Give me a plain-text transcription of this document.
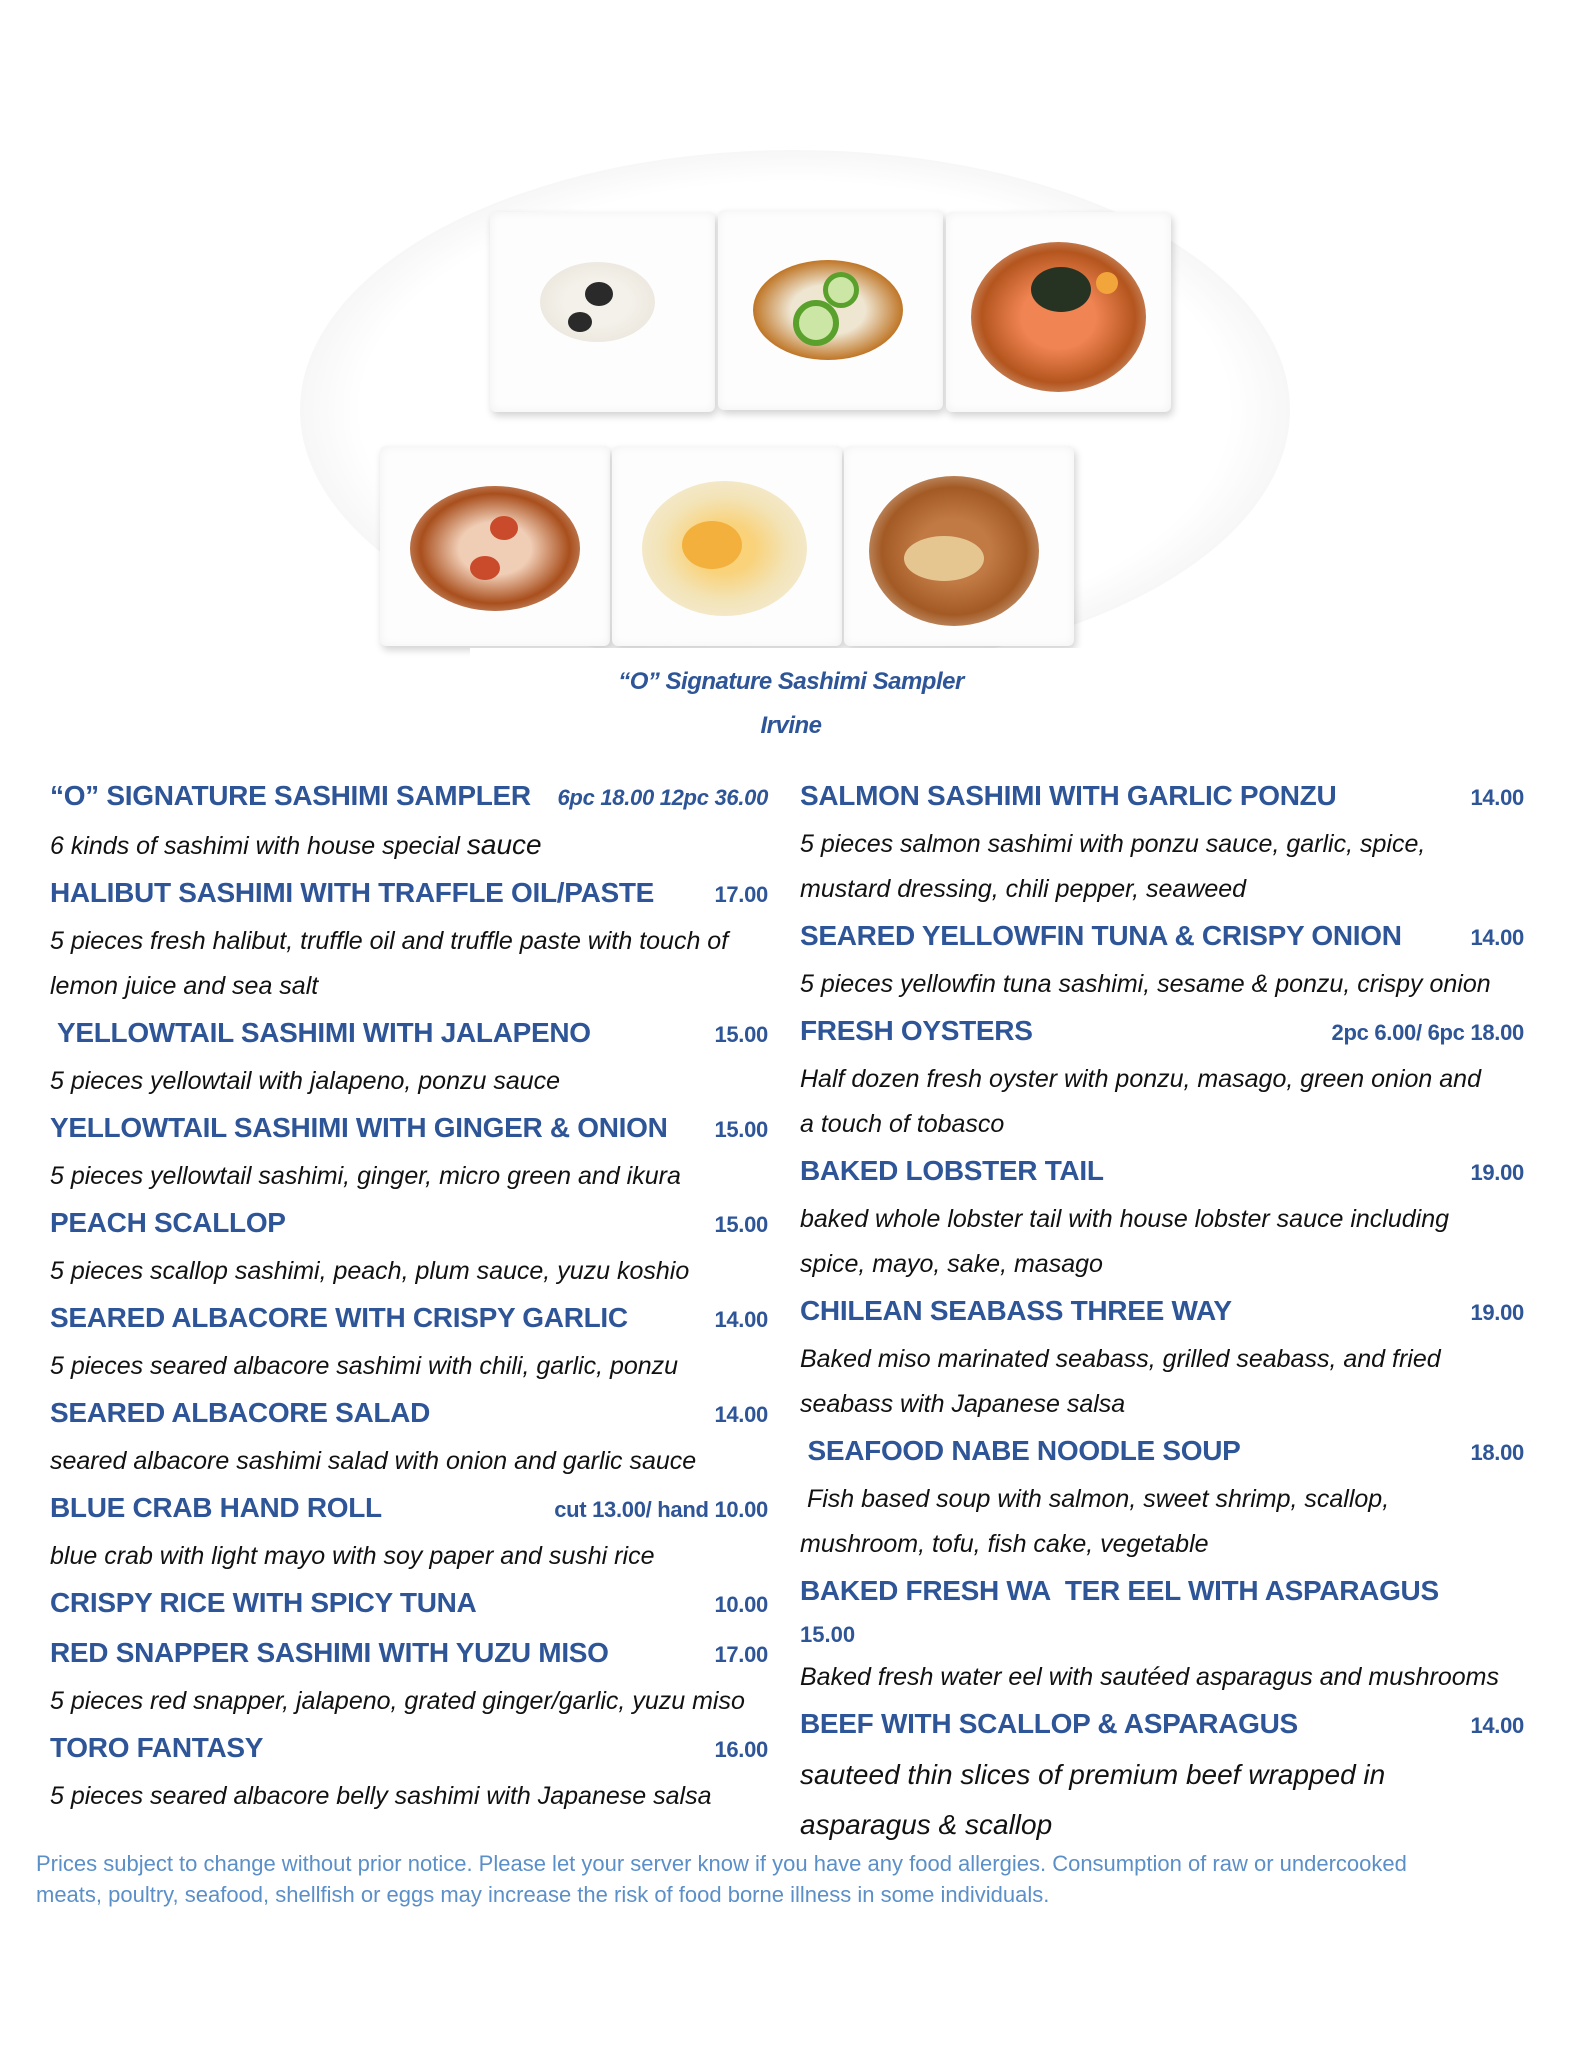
“O” Signature Sashimi Sampler
Irvine
“O” SIGNATURE SASHIMI SAMPLER 6pc 18.00 12pc 36.00
6 kinds of sashimi with house special sauce
HALIBUT SASHIMI WITH TRAFFLE OIL/PASTE	17.00
5 pieces fresh halibut, truffle oil and truffle paste with touch of
lemon juice and sea salt
YELLOWTAIL SASHIMI WITH JALAPENO	15.00
5 pieces yellowtail with jalapeno, ponzu sauce
YELLOWTAIL SASHIMI WITH GINGER & ONION 15.00
5 pieces yellowtail sashimi, ginger, micro green and ikura
PEACH SCALLOP	15.00
5 pieces scallop sashimi, peach, plum sauce, yuzu koshio
SEARED ALBACORE WITH CRISPY GARLIC	14.00
5 pieces seared albacore sashimi with chili, garlic, ponzu
SEARED ALBACORE SALAD	14.00
seared albacore sashimi salad with onion and garlic sauce
BLUE CRAB HAND ROLL	cut 13.00/ hand 10.00
blue crab with light mayo with soy paper and sushi rice
CRISPY RICE WITH SPICY TUNA	10.00
RED SNAPPER SASHIMI WITH YUZU MISO	17.00
5 pieces red snapper, jalapeno, grated ginger/garlic, yuzu miso
TORO FANTASY	16.00
5 pieces seared albacore belly sashimi with Japanese salsa
SALMON SASHIMI WITH GARLIC PONZU	14.00
5 pieces salmon sashimi with ponzu sauce, garlic, spice,
mustard dressing, chili pepper, seaweed
SEARED YELLOWFIN TUNA & CRISPY ONION	14.00
5 pieces yellowfin tuna sashimi, sesame & ponzu, crispy onion
FRESH OYSTERS	2pc 6.00/ 6pc 18.00
Half dozen fresh oyster with ponzu, masago, green onion and
a touch of tobasco
BAKED LOBSTER TAIL	19.00
baked whole lobster tail with house lobster sauce including
spice, mayo, sake, masago
CHILEAN SEABASS THREE WAY	19.00
Baked miso marinated seabass, grilled seabass, and fried
seabass with Japanese salsa
SEAFOOD NABE NOODLE SOUP	18.00
Fish based soup with salmon, sweet shrimp, scallop,
mushroom, tofu, fish cake, vegetable
BAKED FRESH WA  TER EEL WITH ASPARAGUS
15.00
Baked fresh water eel with sautéed asparagus and mushrooms
BEEF WITH SCALLOP & ASPARAGUS	14.00
sauteed thin slices of premium beef wrapped in
asparagus & scallop
Prices subject to change without prior notice. Please let your server know if you have any food allergies. Consumption of raw or undercooked
meats, poultry, seafood, shellfish or eggs may increase the risk of food borne illness in some individuals.
